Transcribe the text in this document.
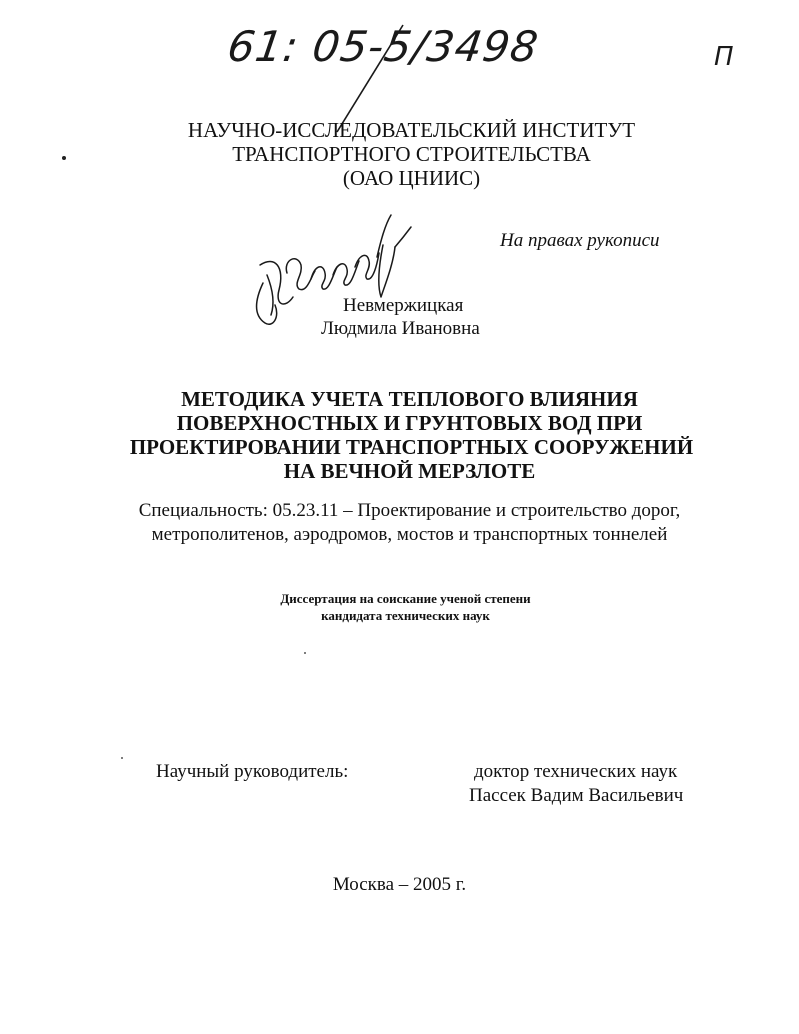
61: 05-5/3498	П
НАУЧНО-ИССЛЕДОВАТЕЛЬСКИЙ ИНСТИТУТ
ТРАНСПОРТНОГО СТРОИТЕЛЬСТВА
(ОАО ЦНИИС)
На правах рукописи
Невмержицкая
Людмила Ивановна
МЕТОДИКА УЧЕТА ТЕПЛОВОГО ВЛИЯНИЯ
ПОВЕРХНОСТНЫХ И ГРУНТОВЫХ ВОД ПРИ
ПРОЕКТИРОВАНИИ ТРАНСПОРТНЫХ СООРУЖЕНИЙ
НА ВЕЧНОЙ МЕРЗЛОТЕ
Специальность: 05.23.11 – Проектирование и строительство дорог,
метрополитенов, аэродромов, мостов и транспортных тоннелей
Диссертация на соискание ученой степени
кандидата технических наук
Научный руководитель:	доктор технических наук
Пассек Вадим Васильевич
Москва – 2005 г.
